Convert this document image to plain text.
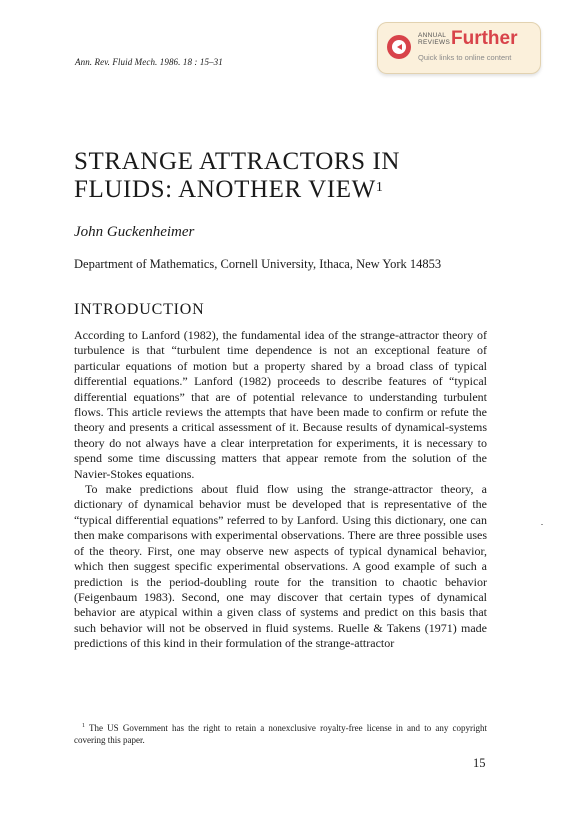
Ann. Rev. Fluid Mech. 1986. 18 : 15–31
ANNUAL REVIEWS Further
Quick links to online content
STRANGE ATTRACTORS IN FLUIDS: ANOTHER VIEW$^1$
John Guckenheimer
Department of Mathematics, Cornell University, Ithaca, New York 14853
INTRODUCTION

According to Lanford (1982), the fundamental idea of the strange-attractor theory of turbulence is that “turbulent time dependence is not an exceptional feature of particular equations of motion but a property shared by a broad class of typical differential equations.” Lanford (1982) proceeds to describe features of “typical differential equations” that are of potential relevance to understanding turbulent flows. This article reviews the attempts that have been made to confirm or refute the theory and presents a critical assessment of it. Because results of dynamical-systems theory do not always have a clear interpretation for experiments, it is necessary to spend some time discussing matters that appear remote from the solution of the Navier-Stokes equations.

To make predictions about fluid flow using the strange-attractor theory, a dictionary of dynamical behavior must be developed that is representative of the “typical differential equations” referred to by Lanford. Using this dictionary, one can then make comparisons with experimental observations. There are three possible uses of the theory. First, one may observe new aspects of typical dynamical behavior, which then suggest specific experimental observations. A good example of such a prediction is the period-doubling route for the transition to chaotic behavior (Feigenbaum 1983). Second, one may discover that certain types of dynamical behavior are atypical within a given class of systems and predict on this basis that such behavior will not be observed in fluid systems. Ruelle & Takens (1971) made predictions of this kind in their formulation of the strange-attractor

$^1$ The US Government has the right to retain a nonexclusive royalty-free license in and to any copyright covering this paper.
15
